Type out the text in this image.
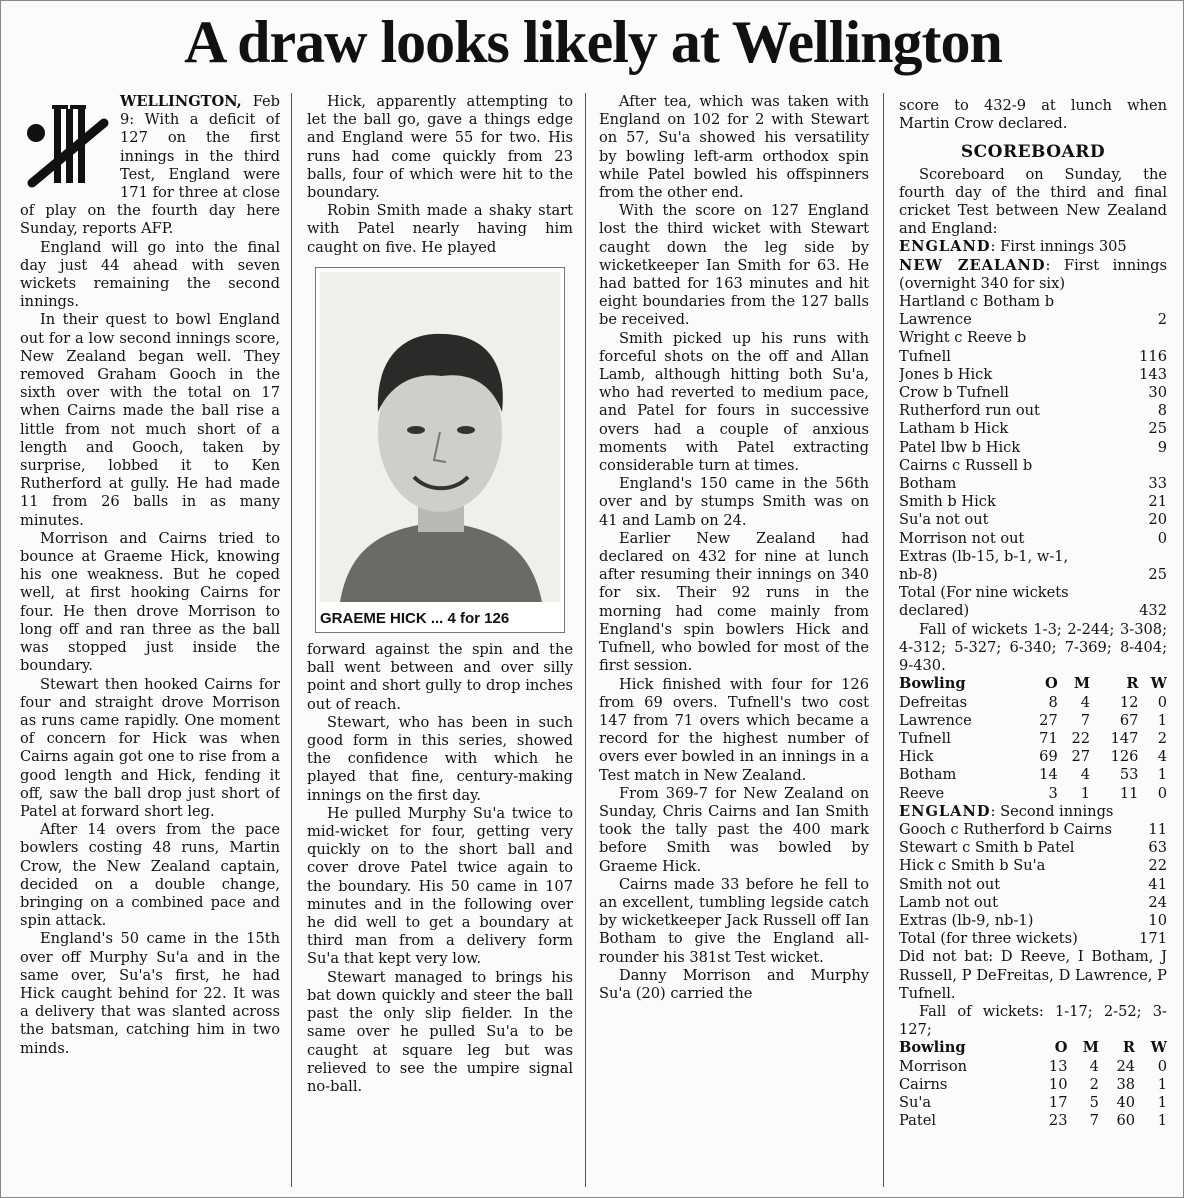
A draw looks likely at Wellington

WELLINGTON, Feb 9: With a deficit of 127 on the first innings in the third Test, England were 171 for three at close of play on the fourth day here Sunday, reports AFP.

England will go into the final day just 44 ahead with seven wickets remaining the second innings.

In their quest to bowl England out for a low second innings score, New Zealand began well. They removed Graham Gooch in the sixth over with the total on 17 when Cairns made the ball rise a little from not much short of a length and Gooch, taken by surprise, lobbed it to Ken Rutherford at gully. He had made 11 from 26 balls in as many minutes.

Morrison and Cairns tried to bounce at Graeme Hick, knowing his one weakness. But he coped well, at first hooking Cairns for four. He then drove Morrison to long off and ran three as the ball was stopped just inside the boundary.

Stewart then hooked Cairns for four and straight drove Morrison as runs came rapidly. One moment of concern for Hick was when Cairns again got one to rise from a good length and Hick, fending it off, saw the ball drop just short of Patel at forward short leg.

After 14 overs from the pace bowlers costing 48 runs, Martin Crow, the New Zealand captain, decided on a double change, bringing on a combined pace and spin attack.

England's 50 came in the 15th over off Murphy Su'a and in the same over, Su'a's first, he had Hick caught behind for 22. It was a delivery that was slanted across the batsman, catching him in two minds.

Hick, apparently attempting to let the ball go, gave a things edge and England were 55 for two. His runs had come quickly from 23 balls, four of which were hit to the boundary.

Robin Smith made a shaky start with Patel nearly having him caught on five. He played

GRAEME HICK ... 4 for 126

forward against the spin and the ball went between and over silly point and short gully to drop inches out of reach.

Stewart, who has been in such good form in this series, showed the confidence with which he played that fine, century-making innings on the first day.

He pulled Murphy Su'a twice to mid-wicket for four, getting very quickly on to the short ball and cover drove Patel twice again to the boundary. His 50 came in 107 minutes and in the following over he did well to get a boundary at third man from a delivery form Su'a that kept very low.

Stewart managed to brings his bat down quickly and steer the ball past the only slip fielder. In the same over he pulled Su'a to be caught at square leg but was relieved to see the umpire signal no-ball.

After tea, which was taken with England on 102 for 2 with Stewart on 57, Su'a showed his versatility by bowling left-arm orthodox spin while Patel bowled his offspinners from the other end.

With the score on 127 England lost the third wicket with Stewart caught down the leg side by wicketkeeper Ian Smith for 63. He had batted for 163 minutes and hit eight boundaries from the 127 balls be received.

Smith picked up his runs with forceful shots on the off and Allan Lamb, although hitting both Su'a, who had reverted to medium pace, and Patel for fours in successive overs had a couple of anxious moments with Patel extracting considerable turn at times.

England's 150 came in the 56th over and by stumps Smith was on 41 and Lamb on 24.

Earlier New Zealand had declared on 432 for nine at lunch after resuming their innings on 340 for six. Their 92 runs in the morning had come mainly from England's spin bowlers Hick and Tufnell, who bowled for most of the first session.

Hick finished with four for 126 from 69 overs. Tufnell's two cost 147 from 71 overs which became a record for the highest number of overs ever bowled in an innings in a Test match in New Zealand.

From 369-7 for New Zealand on Sunday, Chris Cairns and Ian Smith took the tally past the 400 mark before Smith was bowled by Graeme Hick.

Cairns made 33 before he fell to an excellent, tumbling legside catch by wicketkeeper Jack Russell off Ian Botham to give the England all-rounder his 381st Test wicket.

Danny Morrison and Murphy Su'a (20) carried the

score to 432-9 at lunch when Martin Crow declared.

SCOREBOARD

Scoreboard on Sunday, the fourth day of the third and final cricket Test between New Zealand and England:

ENGLAND: First innings 305

NEW ZEALAND: First innings (overnight 340 for six)

Hartland c Botham b
Lawrence	2
Wright c Reeve b
Tufnell	116
Jones b Hick	143
Crow b Tufnell	30
Rutherford run out	8
Latham b Hick	25
Patel lbw b Hick	9
Cairns c Russell b
Botham	33
Smith b Hick	21
Su'a not out	20
Morrison not out	0
Extras (lb-15, b-1, w-1,
nb-8)	25
Total (For nine wickets
declared)	432

Fall of wickets 1-3; 2-244; 3-308; 4-312; 5-327; 6-340; 7-369; 8-404; 9-430.

Bowling	O	M	R	W
Defreitas	8	4	12	0
Lawrence	27	7	67	1
Tufnell	71	22	147	2
Hick	69	27	126	4
Botham	14	4	53	1
Reeve	3	1	11	0

ENGLAND: Second innings

Gooch c Rutherford b Cairns	11
Stewart c Smith b Patel	63
Hick c Smith b Su'a	22
Smith not out	41
Lamb not out	24
Extras (lb-9, nb-1)	10
Total (for three wickets)	171

Did not bat: D Reeve, I Botham, J Russell, P DeFreitas, D Lawrence, P Tufnell.

Fall of wickets: 1-17; 2-52; 3-127;

Bowling	O	M	R	W
Morrison	13	4	24	0
Cairns	10	2	38	1
Su'a	17	5	40	1
Patel	23	7	60	1
